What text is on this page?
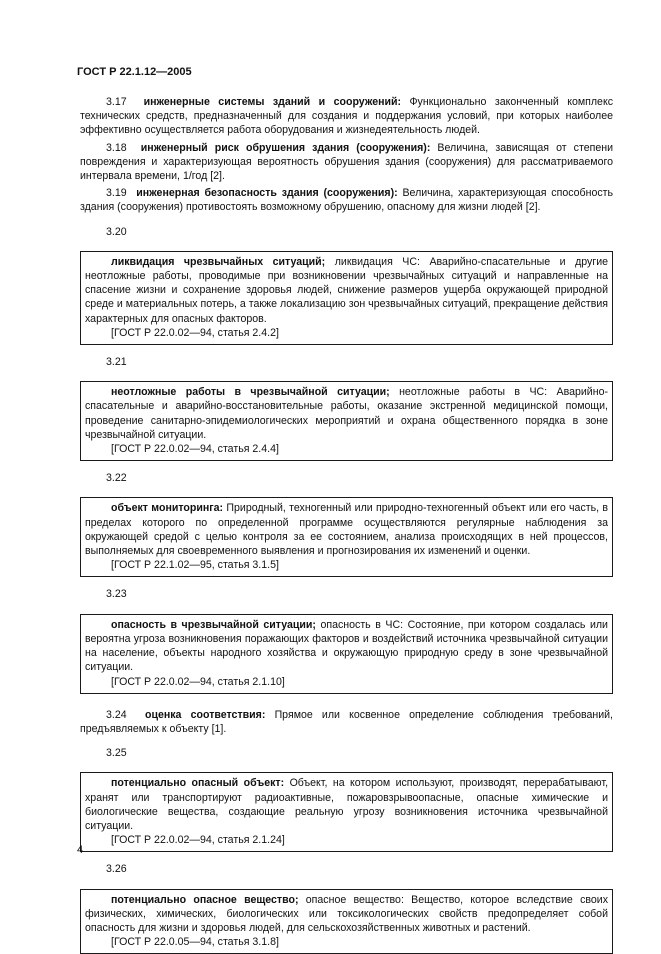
ГОСТ Р 22.1.12—2005

3.17 инженерные системы зданий и сооружений: Функционально законченный комплекс технических средств, предназначенный для создания и поддержания условий, при которых наиболее эффективно осуществляется работа оборудования и жизнедеятельность людей.

3.18 инженерный риск обрушения здания (сооружения): Величина, зависящая от степени повреждения и характеризующая вероятность обрушения здания (сооружения) для рассматриваемого интервала времени, 1/год [2].

3.19 инженерная безопасность здания (сооружения): Величина, характеризующая способность здания (сооружения) противостоять возможному обрушению, опасному для жизни людей [2].

3.20

ликвидация чрезвычайных ситуаций; ликвидация ЧС: Аварийно-спасательные и другие неотложные работы, проводимые при возникновении чрезвычайных ситуаций и направленные на спасение жизни и сохранение здоровья людей, снижение размеров ущерба окружающей природной среде и материальных потерь, а также локализацию зон чрезвычайных ситуаций, прекращение действия характерных для опасных факторов.

[ГОСТ Р 22.0.02—94, статья 2.4.2]

3.21

неотложные работы в чрезвычайной ситуации; неотложные работы в ЧС: Аварийно-спасательные и аварийно-восстановительные работы, оказание экстренной медицинской помощи, проведение санитарно-эпидемиологических мероприятий и охрана общественного порядка в зоне чрезвычайной ситуации.

[ГОСТ Р 22.0.02—94, статья 2.4.4]

3.22

объект мониторинга: Природный, техногенный или природно-техногенный объект или его часть, в пределах которого по определенной программе осуществляются регулярные наблюдения за окружающей средой с целью контроля за ее состоянием, анализа происходящих в ней процессов, выполняемых для своевременного выявления и прогнозирования их изменений и оценки.

[ГОСТ Р 22.1.02—95, статья 3.1.5]

3.23

опасность в чрезвычайной ситуации; опасность в ЧС: Состояние, при котором создалась или вероятна угроза возникновения поражающих факторов и воздействий источника чрезвычайной ситуации на население, объекты народного хозяйства и окружающую природную среду в зоне чрезвычайной ситуации.

[ГОСТ Р 22.0.02—94, статья 2.1.10]

3.24 оценка соответствия: Прямое или косвенное определение соблюдения требований, предъявляемых к объекту [1].

3.25

потенциально опасный объект: Объект, на котором используют, производят, перерабатывают, хранят или транспортируют радиоактивные, пожаровзрывоопасные, опасные химические и биологические вещества, создающие реальную угрозу возникновения источника чрезвычайной ситуации.

[ГОСТ Р 22.0.02—94, статья 2.1.24]

3.26

потенциально опасное вещество; опасное вещество: Вещество, которое вследствие своих физических, химических, биологических или токсикологических свойств предопределяет собой опасность для жизни и здоровья людей, для сельскохозяйственных животных и растений.

[ГОСТ Р 22.0.05—94, статья 3.1.8]

4
